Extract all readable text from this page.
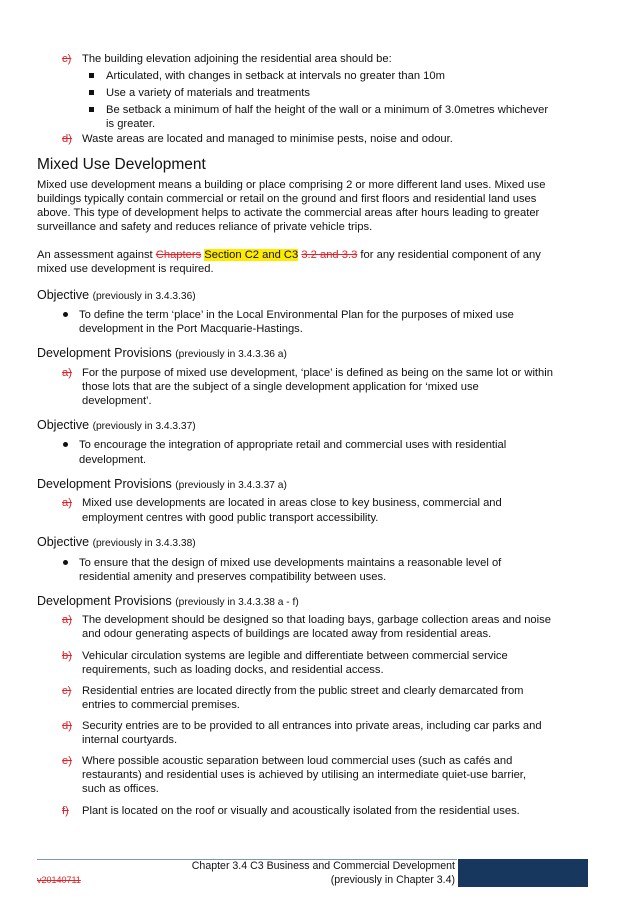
c) The building elevation adjoining the residential area should be:
Articulated, with changes in setback at intervals no greater than 10m
Use a variety of materials and treatments
Be setback a minimum of half the height of the wall or a minimum of 3.0metres whichever
is greater.
d) Waste areas are located and managed to minimise pests, noise and odour.
Mixed Use Development
Mixed use development means a building or place comprising 2 or more different land uses. Mixed use
buildings typically contain commercial or retail on the ground and first floors and residential land uses
above. This type of development helps to activate the commercial areas after hours leading to greater
surveillance and safety and reduces reliance of private vehicle trips.
An assessment against Chapters Section C2 and C3 3.2 and 3.3 for any residential component of any
mixed use development is required.
Objective (previously in 3.4.3.36)
To define the term ‘place’ in the Local Environmental Plan for the purposes of mixed use
development in the Port Macquarie-Hastings.
Development Provisions (previously in 3.4.3.36 a)
a) For the purpose of mixed use development, ‘place’ is defined as being on the same lot or within
those lots that are the subject of a single development application for ‘mixed use
development’.
Objective (previously in 3.4.3.37)
To encourage the integration of appropriate retail and commercial uses with residential
development.
Development Provisions (previously in 3.4.3.37 a)
a) Mixed use developments are located in areas close to key business, commercial and
employment centres with good public transport accessibility.
Objective (previously in 3.4.3.38)
To ensure that the design of mixed use developments maintains a reasonable level of
residential amenity and preserves compatibility between uses.
Development Provisions (previously in 3.4.3.38 a - f)
a) The development should be designed so that loading bays, garbage collection areas and noise
and odour generating aspects of buildings are located away from residential areas.
b) Vehicular circulation systems are legible and differentiate between commercial service
requirements, such as loading docks, and residential access.
c) Residential entries are located directly from the public street and clearly demarcated from
entries to commercial premises.
d) Security entries are to be provided to all entrances into private areas, including car parks and
internal courtyards.
e) Where possible acoustic separation between loud commercial uses (such as cafés and
restaurants) and residential uses is achieved by utilising an intermediate quiet-use barrier,
such as offices.
f) Plant is located on the roof or visually and acoustically isolated from the residential uses.
Chapter 3.4 C3 Business and Commercial Development
(previously in Chapter 3.4)
v20140711
